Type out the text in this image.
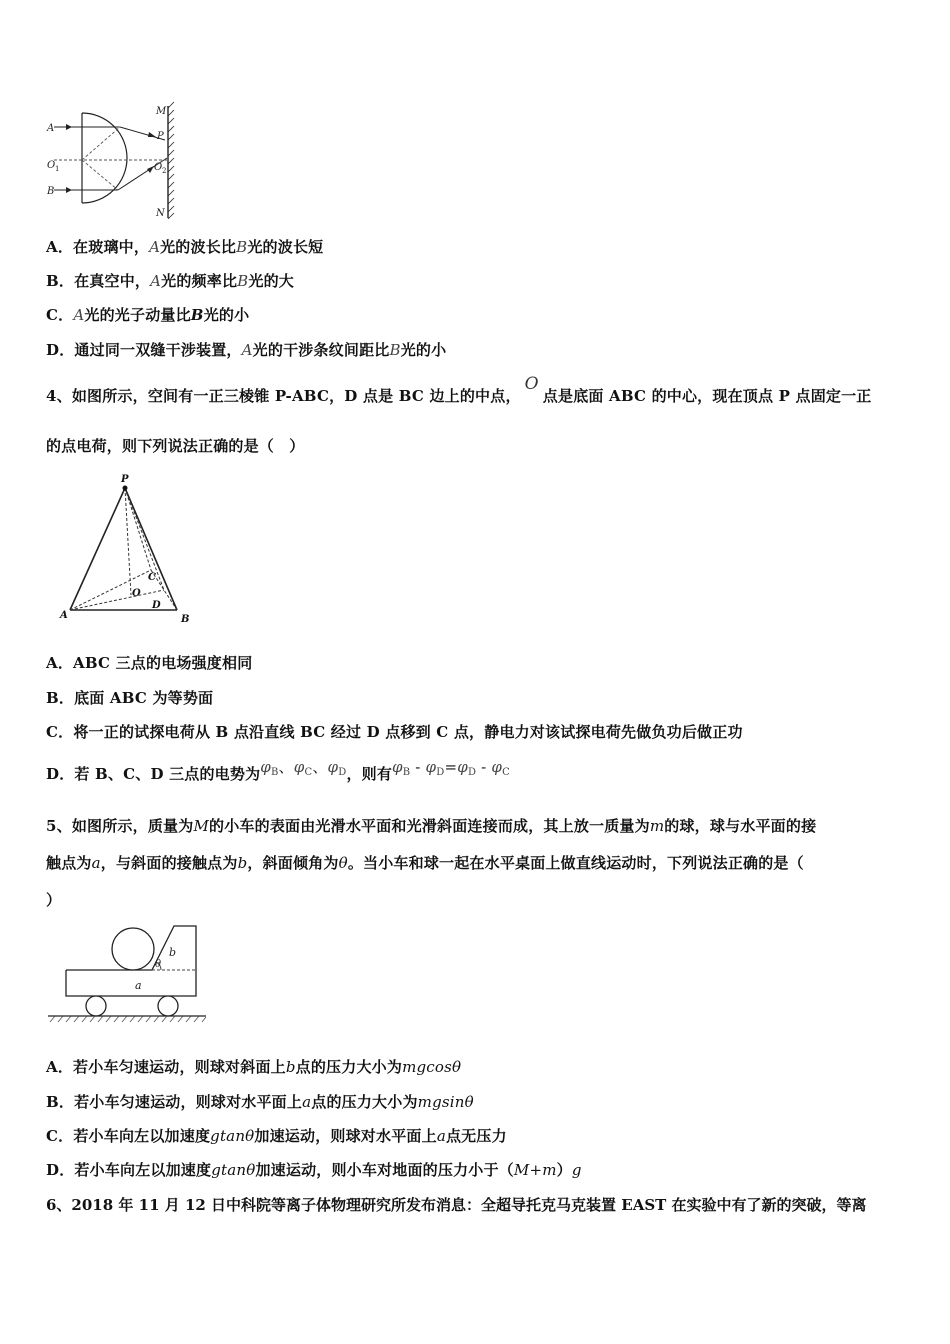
A
B
O 1	O 2
M
N
P
A．在玻璃中，A光的波长比B光的波长短
B．在真空中，A光的频率比B光的大
C．A光的光子动量比B光的小
D．通过同一双缝干涉装置，A光的干涉条纹间距比B光的小
4、如图所示，空间有一正三棱锥 P-ABC，D 点是 BC 边上的中点，O点是底面 ABC 的中心，现在顶点 P 点固定一正
的点电荷，则下列说法正确的是（　）
P
A	B
C
D
O
A．ABC 三点的电场强度相同
B．底面 ABC 为等势面
C．将一正的试探电荷从 B 点沿直线 BC 经过 D 点移到 C 点，静电力对该试探电荷先做负功后做正功
D．若 B、C、D 三点的电势为$\varphi^B$、$\varphi^C$、$\varphi^D$，则有$\varphi^B - \varphi^D=\varphi^D - \varphi^C$
5、如图所示，质量为M的小车的表面由光滑水平面和光滑斜面连接而成，其上放一质量为m的球，球与水平面的接
触点为a，与斜面的接触点为b，斜面倾角为θ。当小车和球一起在水平桌面上做直线运动时，下列说法正确的是（
）
a
b
θ
A．若小车匀速运动，则球对斜面上b点的压力大小为mgcosθ
B．若小车匀速运动，则球对水平面上a点的压力大小为mgsinθ
C．若小车向左以加速度gtanθ加速运动，则球对水平面上a点无压力
D．若小车向左以加速度gtanθ加速运动，则小车对地面的压力小于（M+m）g
6、2018 年 11 月 12 日中科院等离子体物理研究所发布消息：全超导托克马克装置 EAST 在实验中有了新的突破，等离
